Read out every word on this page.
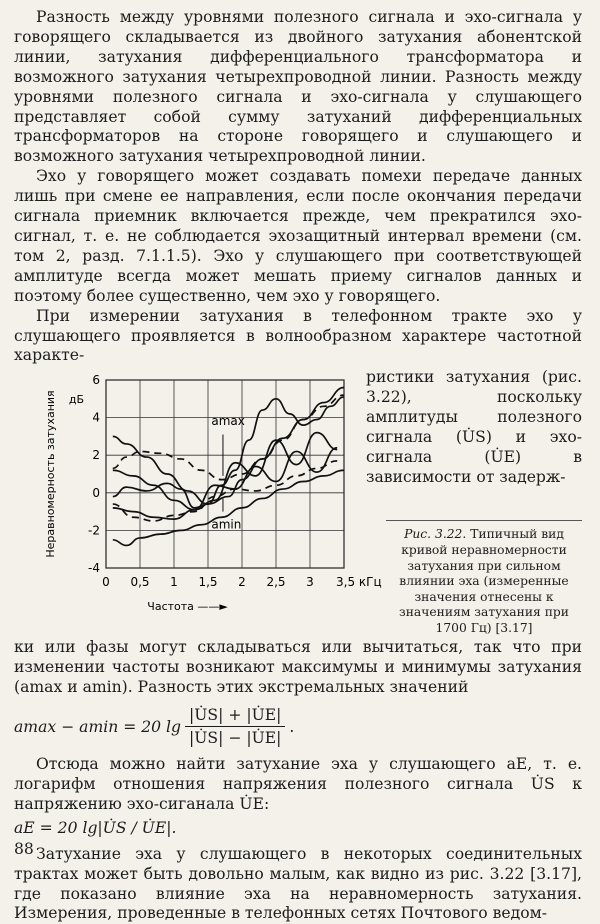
Разность между уровнями полезного сигнала и эхо-сигнала у говорящего складывается из двойного затухания абонентской линии, затухания дифференциального трансформатора и возможного затухания четырехпроводной линии. Разность между уровнями полезного сигнала и эхо-сигнала у слушающего представляет собой сумму затуханий дифференциальных трансформаторов на стороне говорящего и слушающего и возможного затухания четырехпроводной линии.

Эхо у говорящего может создавать помехи передаче данных лишь при смене ее направления, если после окончания передачи сигнала приемник включается прежде, чем прекратился эхо-сигнал, т. е. не соблюдается эхозащитный интервал времени (см. том 2, разд. 7.1.1.5). Эхо у слушающего при соответствующей амплитуде всегда может мешать приему сигналов данных и поэтому более существенно, чем эхо у говорящего.

При измерении затухания в телефонном тракте эхо у слушающего проявляется в волнообразном характере частотной характе-

6
4
2
0
-2
-4
0 0,5 1 1,5 2 2,5 3 3,5 кГц
дБ
Неравномерность затухания
Частота ——►
amax
amin

ристики затухания (рис. 3.22), поскольку амплитуды полезного сигнала (U̇S) и эхо-сигнала (U̇E) в зависимости от задерж-

Рис. 3.22. Типичный вид кривой неравномерности затухания при сильном влиянии эха (измеренные значения отнесены к значениям затухания при 1700 Гц) [3.17]

ки или фазы могут складываться или вычитаться, так что при изменении частоты возникают максимумы и минимумы затухания (amax и amin). Разность этих экстремальных значений

amax − amin = 20 $\lg \frac{|U̇S| + |U̇E|}{|U̇S| - |U̇E|}$ .

Отсюда можно найти затухание эха у слушающего aE, т. е. логарифм отношения напряжения полезного сигнала U̇S к напряжению эхо-сиганала U̇E:

aE = 20 lg|U̇S / U̇E|.

Затухание эха у слушающего в некоторых соединительных трактах может быть довольно малым, как видно из рис. 3.22 [3.17], где показано влияние эха на неравномерность затухания. Измерения, проведенные в телефонных сетях Почтового ведом-

88
